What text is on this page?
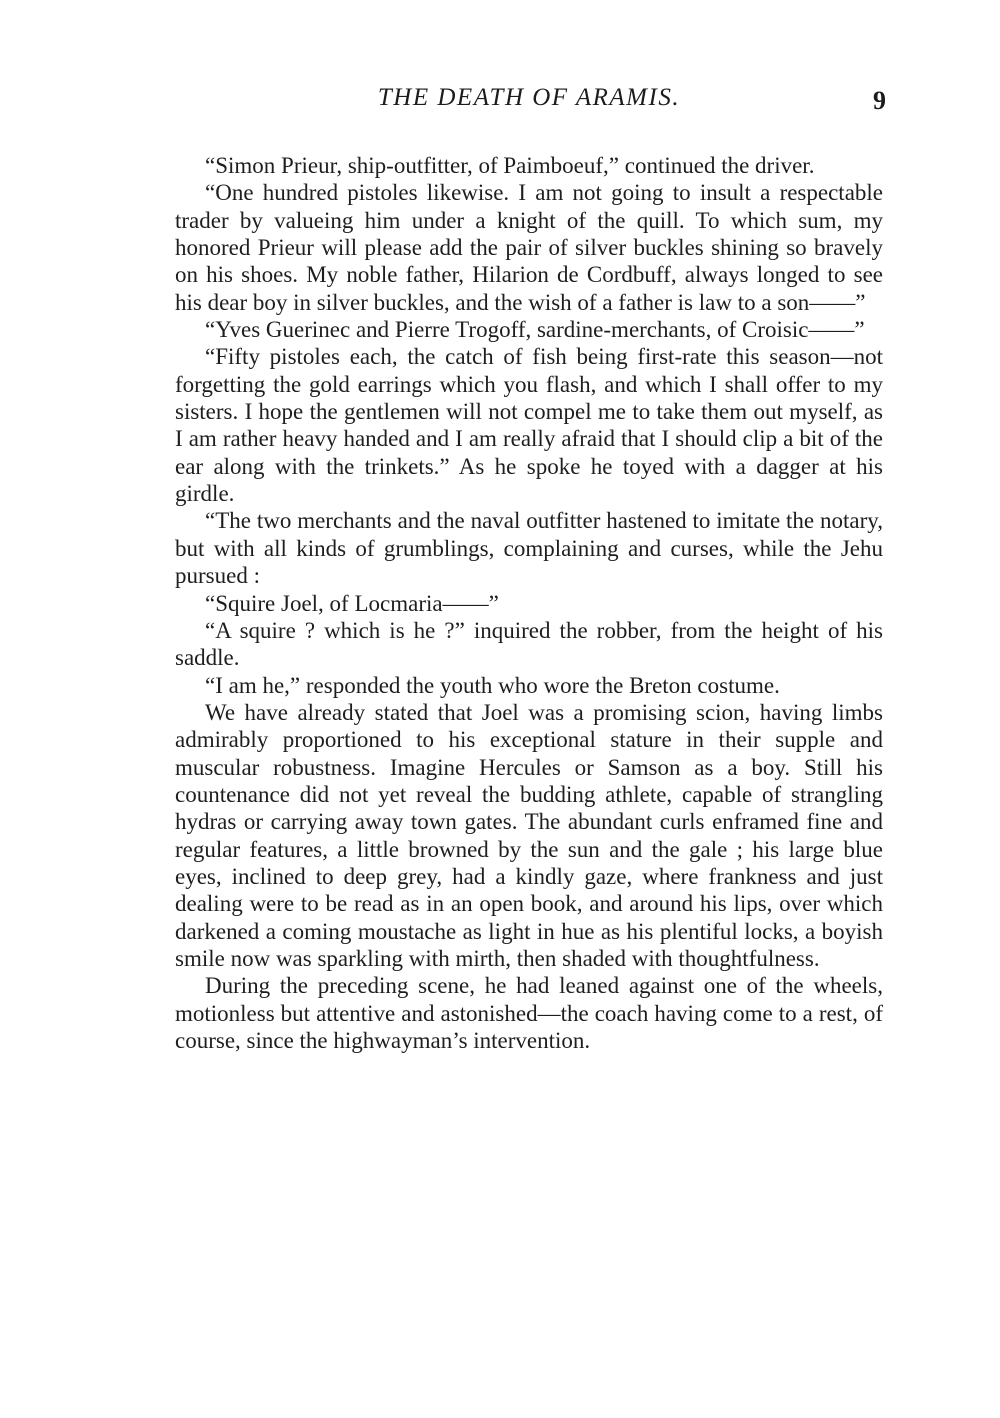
THE DEATH OF ARAMIS.	9

“Simon Prieur, ship-outfitter, of Paimboeuf,” continued the driver.

“One hundred pistoles likewise. I am not going to insult a respectable trader by valueing him under a knight of the quill. To which sum, my honored Prieur will please add the pair of silver buckles shining so bravely on his shoes. My noble father, Hilarion de Cordbuff, always longed to see his dear boy in silver buckles, and the wish of a father is law to a son——”

“Yves Guerinec and Pierre Trogoff, sardine-merchants, of Croisic——”

“Fifty pistoles each, the catch of fish being first-rate this season—not forgetting the gold earrings which you flash, and which I shall offer to my sisters. I hope the gentlemen will not compel me to take them out myself, as I am rather heavy handed and I am really afraid that I should clip a bit of the ear along with the trinkets.” As he spoke he toyed with a dagger at his girdle.

“The two merchants and the naval outfitter hastened to imitate the notary, but with all kinds of grumblings, complaining and curses, while the Jehu pursued :

“Squire Joel, of Locmaria——”

“A squire ? which is he ?” inquired the robber, from the height of his saddle.

“I am he,” responded the youth who wore the Breton costume.

We have already stated that Joel was a promising scion, having limbs admirably proportioned to his exceptional stature in their supple and muscular robustness. Imagine Hercules or Samson as a boy. Still his countenance did not yet reveal the budding athlete, capable of strangling hydras or carrying away town gates. The abundant curls enframed fine and regular features, a little browned by the sun and the gale ; his large blue eyes, inclined to deep grey, had a kindly gaze, where frankness and just dealing were to be read as in an open book, and around his lips, over which darkened a coming moustache as light in hue as his plentiful locks, a boyish smile now was sparkling with mirth, then shaded with thoughtfulness.

During the preceding scene, he had leaned against one of the wheels, motionless but attentive and astonished—the coach having come to a rest, of course, since the highwayman’s intervention.
